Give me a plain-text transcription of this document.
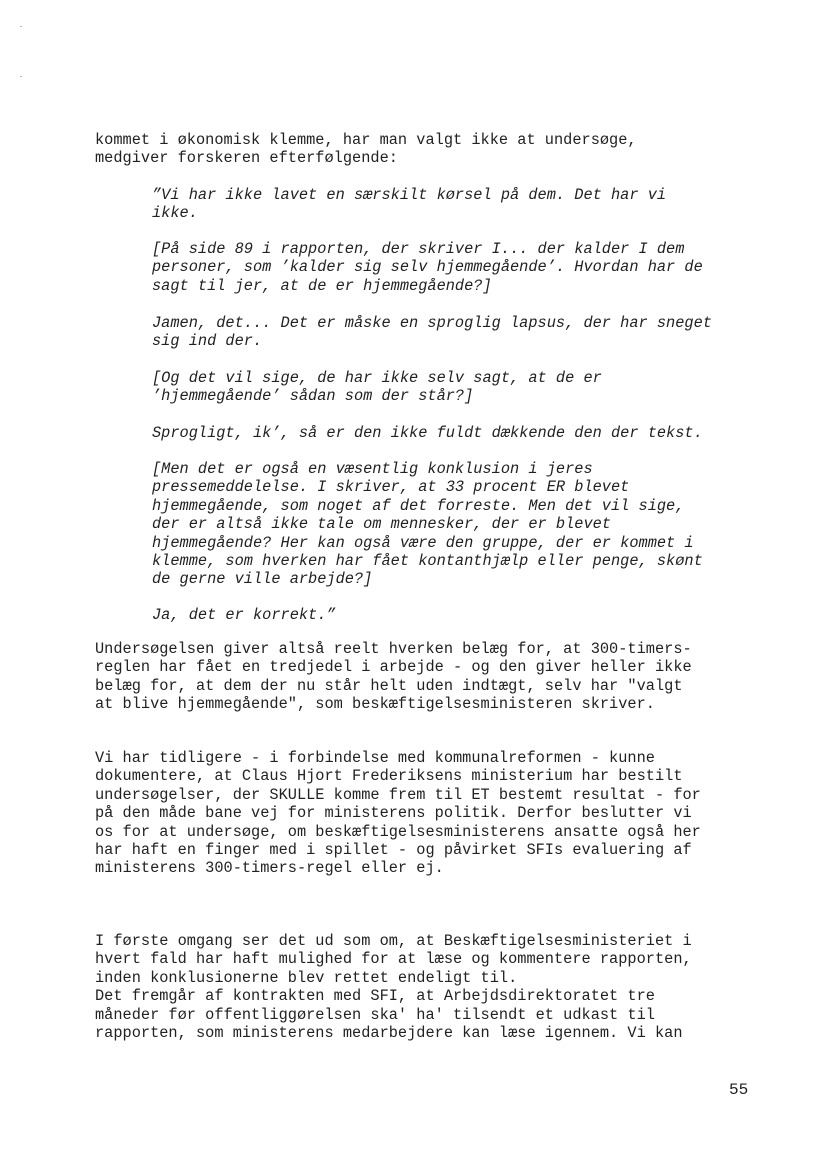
kommet i økonomisk klemme, har man valgt ikke at undersøge,
medgiver forskeren efterfølgende:

”Vi har ikke lavet en særskilt kørsel på dem. Det har vi
ikke.

[På side 89 i rapporten, der skriver I... der kalder I dem
personer, som ’kalder sig selv hjemmegående’. Hvordan har de
sagt til jer, at de er hjemmegående?]

Jamen, det... Det er måske en sproglig lapsus, der har sneget
sig ind der.

[Og det vil sige, de har ikke selv sagt, at de er
’hjemmegående’ sådan som der står?]

Sprogligt, ik’, så er den ikke fuldt dækkende den der tekst.

[Men det er også en væsentlig konklusion i jeres
pressemeddelelse. I skriver, at 33 procent ER blevet
hjemmegående, som noget af det forreste. Men det vil sige,
der er altså ikke tale om mennesker, der er blevet
hjemmegående? Her kan også være den gruppe, der er kommet i
klemme, som hverken har fået kontanthjælp eller penge, skønt
de gerne ville arbejde?]

Ja, det er korrekt.”

Undersøgelsen giver altså reelt hverken belæg for, at 300-timers-
reglen har fået en tredjedel i arbejde - og den giver heller ikke
belæg for, at dem der nu står helt uden indtægt, selv har "valgt
at blive hjemmegående", som beskæftigelsesministeren skriver.

Vi har tidligere - i forbindelse med kommunalreformen - kunne
dokumentere, at Claus Hjort Frederiksens ministerium har bestilt
undersøgelser, der SKULLE komme frem til ET bestemt resultat - for
på den måde bane vej for ministerens politik. Derfor beslutter vi
os for at undersøge, om beskæftigelsesministerens ansatte også her
har haft en finger med i spillet - og påvirket SFIs evaluering af
ministerens 300-timers-regel eller ej.

I første omgang ser det ud som om, at Beskæftigelsesministeriet i
hvert fald har haft mulighed for at læse og kommentere rapporten,
inden konklusionerne blev rettet endeligt til.
Det fremgår af kontrakten med SFI, at Arbejdsdirektoratet tre
måneder før offentliggørelsen ska' ha' tilsendt et udkast til
rapporten, som ministerens medarbejdere kan læse igennem. Vi kan

55
